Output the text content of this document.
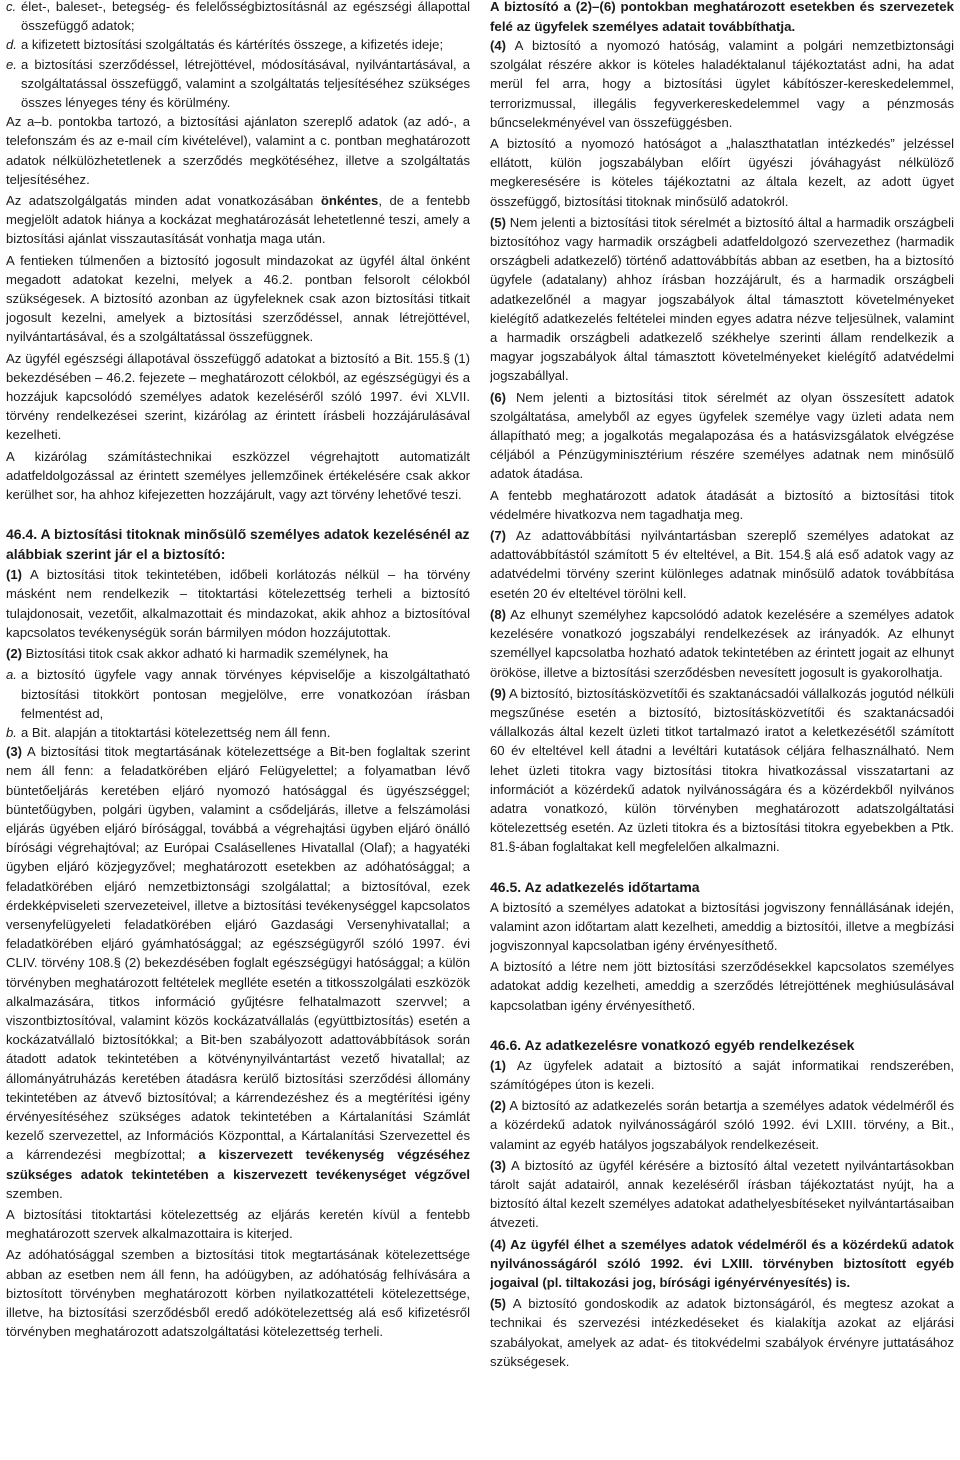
c. élet-, baleset-, betegség- és felelősségbiztosításnál az egészségi állapottal összefüggő adatok;
d. a kifizetett biztosítási szolgáltatás és kártérítés összege, a kifizetés ideje;
e. a biztosítási szerződéssel, létrejöttével, módosításával, nyilvántartásával, a szolgáltatással összefüggő, valamint a szolgáltatás teljesítéséhez szükséges összes lényeges tény és körülmény.

Az a–b. pontokba tartozó, a biztosítási ajánlaton szereplő adatok (az adó-, a telefonszám és az e-mail cím kivételével), valamint a c. pontban meghatározott adatok nélkülözhetetlenek a szerződés megkötéséhez, illetve a szolgáltatás teljesítéséhez.

Az adatszolgálgatás minden adat vonatkozásában önkéntes, de a fentebb megjelölt adatok hiánya a kockázat meghatározását lehetetlenné teszi, amely a biztosítási ajánlat visszautasítását vonhatja maga után.

A fentieken túlmenően a biztosító jogosult mindazokat az ügyfél által önként megadott adatokat kezelni, melyek a 46.2. pontban felsorolt célokból szükségesek. A biztosító azonban az ügyfeleknek csak azon biztosítási titkait jogosult kezelni, amelyek a biztosítási szerződéssel, annak létrejöttével, nyilvántartásával, és a szolgáltatással összefüggnek.

Az ügyfél egészségi állapotával összefüggő adatokat a biztosító a Bit. 155.§ (1) bekezdésében – 46.2. fejezete – meghatározott célokból, az egészségügyi és a hozzájuk kapcsolódó személyes adatok kezeléséről szóló 1997. évi XLVII. törvény rendelkezései szerint, kizárólag az érintett írásbeli hozzájárulásával kezelheti.

A kizárólag számítástechnikai eszközzel végrehajtott automatizált adatfeldolgozással az érintett személyes jellemzőinek értékelésére csak akkor kerülhet sor, ha ahhoz kifejezetten hozzájárult, vagy azt törvény lehetővé teszi.

46.4. A biztosítási titoknak minősülő személyes adatok kezelésénél az alábbiak szerint jár el a biztosító:

(1) A biztosítási titok tekintetében, időbeli korlátozás nélkül – ha törvény másként nem rendelkezik – titoktartási kötelezettség terheli a biztosító tulajdonosait, vezetőit, alkalmazottait és mindazokat, akik ahhoz a biztosítóval kapcsolatos tevékenységük során bármilyen módon hozzájutottak.

(2) Biztosítási titok csak akkor adható ki harmadik személynek, ha

a. a biztosító ügyfele vagy annak törvényes képviselője a kiszolgáltatható biztosítási titokkört pontosan megjelölve, erre vonatkozóan írásban felmentést ad,
b. a Bit. alapján a titoktartási kötelezettség nem áll fenn.

(3) A biztosítási titok megtartásának kötelezettsége a Bit-ben foglaltak szerint nem áll fenn: a feladatkörében eljáró Felügyelettel; a folyamatban lévő büntetőeljárás keretében eljáró nyomozó hatósággal és ügyészséggel; büntetőügyben, polgári ügyben, valamint a csődeljárás, illetve a felszámolási eljárás ügyében eljáró bírósággal, továbbá a végrehajtási ügyben eljáró önálló bírósági végrehajtóval; az Európai Csalásellenes Hivatallal (Olaf); a hagyatéki ügyben eljáró közjegyzővel; meghatározott esetekben az adóhatósággal; a feladatkörében eljáró nemzetbiztonsági szolgálattal; a biztosítóval, ezek érdekképviseleti szervezeteivel, illetve a biztosítási tevékenységgel kapcsolatos versenyfelügyeleti feladatkörében eljáró Gazdasági Versenyhivatallal; a feladatkörében eljáró gyámhatósággal; az egészségügyről szóló 1997. évi CLIV. törvény 108.§ (2) bekezdésében foglalt egészségügyi hatósággal; a külön törvényben meghatározott feltételek meglléte esetén a titkosszolgálati eszközök alkalmazására, titkos információ gyűjtésre felhatalmazott szervvel; a viszontbiztosítóval, valamint közös kockázatvállalás (együttbiztosítás) esetén a kockázatvállaló biztosítókkal; a Bit-ben szabályozott adattovábbítások során átadott adatok tekintetében a kötvénynyilvántartást vezető hivatallal; az állományátruházás keretében átadásra kerülő biztosítási szerződési állomány tekintetében az átvevő biztosítóval; a kárrendezéshez és a megtérítési igény érvényesítéséhez szükséges adatok tekintetében a Kártalanítási Számlát kezelő szervezettel, az Információs Központtal, a Kártalanítási Szervezettel és a kárrendezési megbízottal; a kiszervezett tevékenység végzéséhez szükséges adatok tekintetében a kiszervezett tevékenységet végzővel szemben.

A biztosítási titoktartási kötelezettség az eljárás keretén kívül a fentebb meghatározott szervek alkalmazottaira is kiterjed.

Az adóhatósággal szemben a biztosítási titok megtartásának kötelezettsége abban az esetben nem áll fenn, ha adóügyben, az adóhatóság felhívására a biztosított törvényben meghatározott körben nyilatkozattételi kötelezettsége, illetve, ha biztosítási szerződésből eredő adókötelezettség alá eső kifizetésről törvényben meghatározott adatszolgáltatási kötelezettség terheli.

A biztosító a (2)–(6) pontokban meghatározott esetekben és szervezetek felé az ügyfelek személyes adatait továbbíthatja.

(4) A biztosító a nyomozó hatóság, valamint a polgári nemzetbiztonsági szolgálat részére akkor is köteles haladéktalanul tájékoztatást adni, ha adat merül fel arra, hogy a biztosítási ügylet kábítószer-kereskedelemmel, terrorizmussal, illegális fegyverkereskedelemmel vagy a pénzmosás bűncselekményével van összefüggésben.

A biztosító a nyomozó hatóságot a „halaszthatatlan intézkedés” jelzéssel ellátott, külön jogszabályban előírt ügyészi jóváhagyást nélkülöző megkeresésére is köteles tájékoztatni az általa kezelt, az adott ügyet összefüggő, biztosítási titoknak minősülő adatokról.

(5) Nem jelenti a biztosítási titok sérelmét a biztosító által a harmadik országbeli biztosítóhoz vagy harmadik országbeli adatfeldolgozó szervezethez (harmadik országbeli adatkezelő) történő adattovábbítás abban az esetben, ha a biztosító ügyfele (adatalany) ahhoz írásban hozzájárult, és a harmadik országbeli adatkezelőnél a magyar jogszabályok által támasztott követelményeket kielégítő adatkezelés feltételei minden egyes adatra nézve teljesülnek, valamint a harmadik országbeli adatkezelő székhelye szerinti állam rendelkezik a magyar jogszabályok által támasztott követelményeket kielégítő adatvédelmi jogszabállyal.

(6) Nem jelenti a biztosítási titok sérelmét az olyan összesített adatok szolgáltatása, amelyből az egyes ügyfelek személye vagy üzleti adata nem állapítható meg; a jogalkotás megalapozása és a hatásvizsgálatok elvégzése céljából a Pénzügyminisztérium részére személyes adatnak nem minősülő adatok átadása.

A fentebb meghatározott adatok átadását a biztosító a biztosítási titok védelmére hivatkozva nem tagadhatja meg.

(7) Az adattovábbítási nyilvántartásban szereplő személyes adatokat az adattovábbítástól számított 5 év elteltével, a Bit. 154.§ alá eső adatok vagy az adatvédelmi törvény szerint különleges adatnak minősülő adatok továbbítása esetén 20 év elteltével törölni kell.

(8) Az elhunyt személyhez kapcsolódó adatok kezelésére a személyes adatok kezelésére vonatkozó jogszabályi rendelkezések az irányadók. Az elhunyt személlyel kapcsolatba hozható adatok tekintetében az érintett jogait az elhunyt örököse, illetve a biztosítási szerződésben nevesített jogosult is gyakorolhatja.

(9) A biztosító, biztosításközvetítői és szaktanácsadói vállalkozás jogutód nélküli megszűnése esetén a biztosító, biztosításközvetítői és szaktanácsadói vállalkozás által kezelt üzleti titkot tartalmazó iratot a keletkezésétől számított 60 év elteltével kell átadni a levéltári kutatások céljára felhasználható. Nem lehet üzleti titokra vagy biztosítási titokra hivatkozással visszatartani az információt a közérdekű adatok nyilvánosságára és a közérdekből nyilvános adatra vonatkozó, külön törvényben meghatározott adatszolgáltatási kötelezettség esetén. Az üzleti titokra és a biztosítási titokra egyebekben a Ptk. 81.§-ában foglaltakat kell megfelelően alkalmazni.

46.5. Az adatkezelés időtartama

A biztosító a személyes adatokat a biztosítási jogviszony fennállásának idején, valamint azon időtartam alatt kezelheti, ameddig a biztosítói, illetve a megbízási jogviszonnyal kapcsolatban igény érvényesíthető.

A biztosító a létre nem jött biztosítási szerződésekkel kapcsolatos személyes adatokat addig kezelheti, ameddig a szerződés létrejöttének meghiúsulásával kapcsolatban igény érvényesíthető.

46.6. Az adatkezelésre vonatkozó egyéb rendelkezések

(1) Az ügyfelek adatait a biztosító a saját informatikai rendszerében, számítógépes úton is kezeli.

(2) A biztosító az adatkezelés során betartja a személyes adatok védelméről és a közérdekű adatok nyilvánosságáról szóló 1992. évi LXIII. törvény, a Bit., valamint az egyéb hatályos jogszabályok rendelkezéseit.

(3) A biztosító az ügyfél kérésére a biztosító által vezetett nyilvántartásokban tárolt saját adatairól, annak kezeléséről írásban tájékoztatást nyújt, ha a biztosító által kezelt személyes adatokat adathelyesbítéseket nyilvántartásaiban átvezeti.

(4) Az ügyfél élhet a személyes adatok védelméről és a közérdekű adatok nyilvánosságáról szóló 1992. évi LXIII. törvényben biztosított egyéb jogaival (pl. tiltakozási jog, bírósági igényérvényesítés) is.

(5) A biztosító gondoskodik az adatok biztonságáról, és megtesz azokat a technikai és szervezési intézkedéseket és kialakítja azokat az eljárási szabályokat, amelyek az adat- és titokvédelmi szabályok érvényre juttatásához szükségesek.
